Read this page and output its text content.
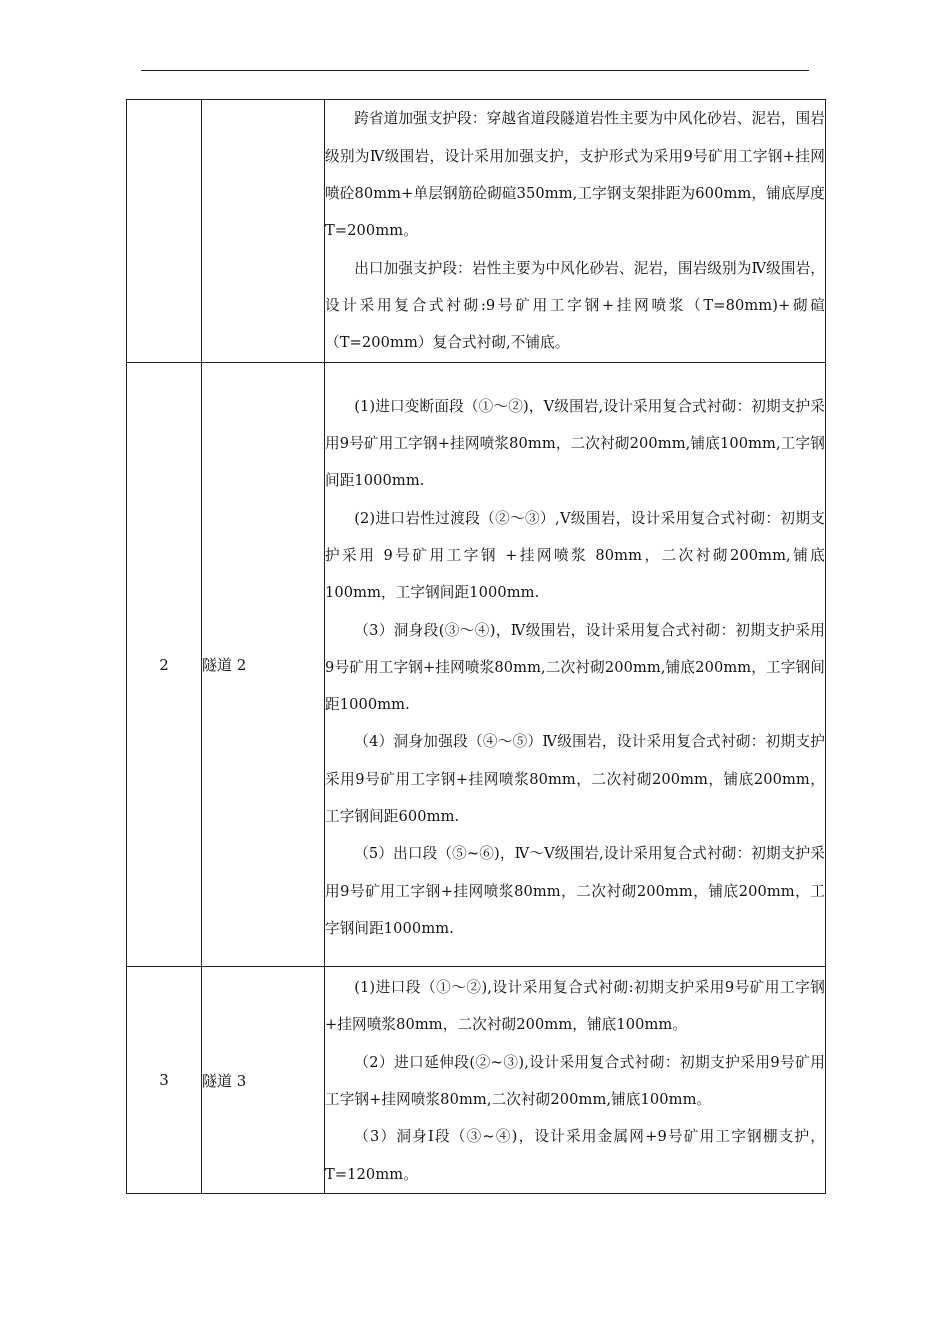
		跨省道加强支护段：穿越省道段隧道岩性主要为中风化砂岩、泥岩，围岩级别为Ⅳ级围岩，设计采用加强支护，支护形式为采用9号矿用工字钢+挂网喷砼80mm+单层钢筋砼砌碹350mm,工字钢支架排距为600mm，铺底厚度T=200mm。

出口加强支护段：岩性主要为中风化砂岩、泥岩，围岩级别为Ⅳ级围岩，设计采用复合式衬砌:9号矿用工字钢+挂网喷浆（T=80mm)+砌碹（T=200mm）复合式衬砌,不铺底。

2	隧道 2	(1)进口变断面段（①～②)，Ⅴ级围岩,设计采用复合式衬砌：初期支护采用9号矿用工字钢+挂网喷浆80mm，二次衬砌200mm,铺底100mm,工字钢间距1000mm.

(2)进口岩性过渡段（②～③）,Ⅴ级围岩，设计采用复合式衬砌：初期支护采用 9号矿用工字钢 +挂网喷浆 80mm，二次衬砌200mm,铺底100mm，工字钢间距1000mm.

（3）洞身段(③～④)，Ⅳ级围岩，设计采用复合式衬砌：初期支护采用9号矿用工字钢+挂网喷浆80mm,二次衬砌200mm,铺底200mm，工字钢间距1000mm.

（4）洞身加强段（④～⑤）Ⅳ级围岩，设计采用复合式衬砌：初期支护采用9号矿用工字钢+挂网喷浆80mm，二次衬砌200mm，铺底200mm，工字钢间距600mm.

（5）出口段（⑤~⑥)，Ⅳ～Ⅴ级围岩,设计采用复合式衬砌：初期支护采用9号矿用工字钢+挂网喷浆80mm，二次衬砌200mm，铺底200mm，工字钢间距1000mm.

3	隧道 3	(1)进口段（①～②),设计采用复合式衬砌:初期支护采用9号矿用工字钢+挂网喷浆80mm，二次衬砌200mm，铺底100mm。

（2）进口延伸段(②~③),设计采用复合式衬砌：初期支护采用9号矿用工字钢+挂网喷浆80mm,二次衬砌200mm,铺底100mm。

（3）洞身Ⅰ段（③~④)，设计采用金属网+9号矿用工字钢棚支护，T=120mm。
